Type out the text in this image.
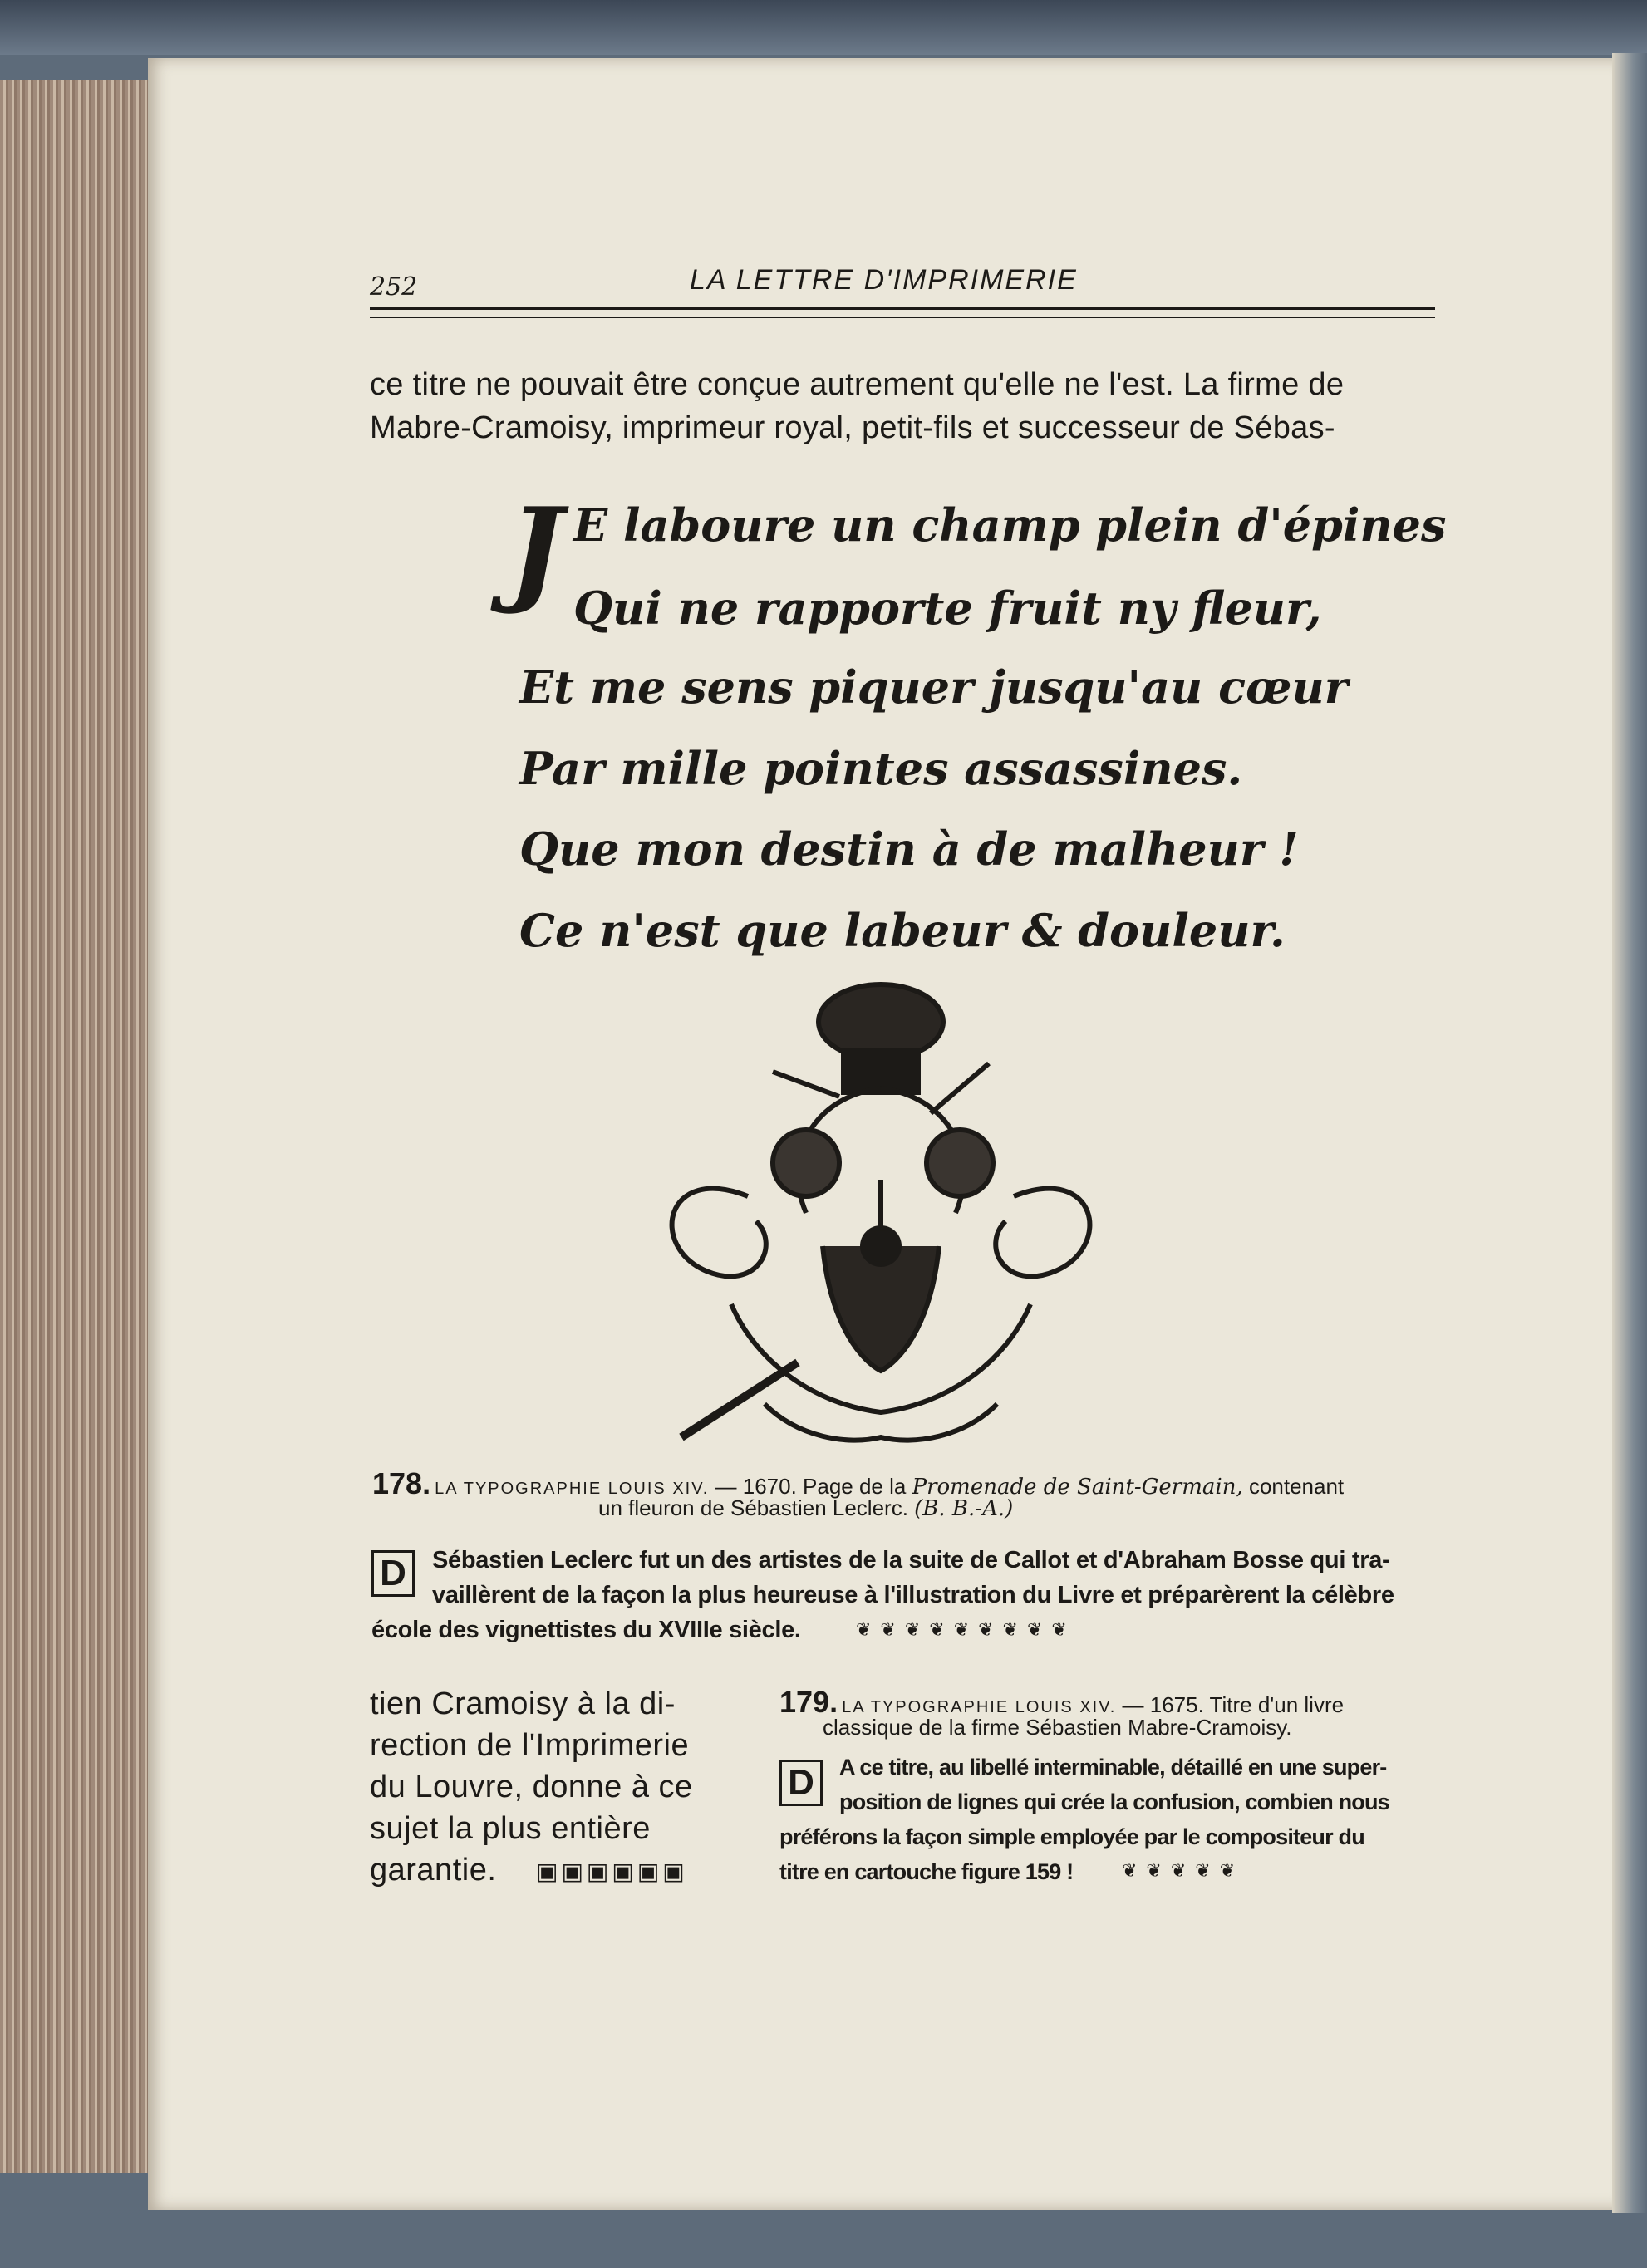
252	LA LETTRE D'IMPRIMERIE
ce titre ne pouvait être conçue autrement qu'elle ne l'est. La firme de
Mabre-Cramoisy, imprimeur royal, petit-fils et successeur de Sébas-
J E laboure un champ plein d'épines
Qui ne rapporte fruit ny fleur,
Et me sens piquer jusqu'au cœur
Par mille pointes assassines.
Que mon destin à de malheur !
Ce n'est que labeur & douleur.
178. LA TYPOGRAPHIE LOUIS XIV. — 1670. Page de la Promenade de Saint-Germain, contenant
un fleuron de Sébastien Leclerc. (B. B.-A.)
D	Sébastien Leclerc fut un des artistes de la suite de Callot et d'Abraham Bosse qui tra-
vaillèrent de la façon la plus heureuse à l'illustration du Livre et préparèrent la célèbre
école des vignettistes du XVIIIe siècle.	❦ ❦ ❦ ❦ ❦ ❦ ❦ ❦ ❦
tien Cramoisy à la di-
rection de l'Imprimerie
du Louvre, donne à ce
sujet la plus entière
garantie. ▣▣▣▣▣▣
179. LA TYPOGRAPHIE LOUIS XIV. — 1675. Titre d'un livre
classique de la firme Sébastien Mabre-Cramoisy.
D	A ce titre, au libellé interminable, détaillé en une super-
position de lignes qui crée la confusion, combien nous
préférons la façon simple employée par le compositeur du
titre en cartouche figure 159 !	❦ ❦ ❦ ❦ ❦
